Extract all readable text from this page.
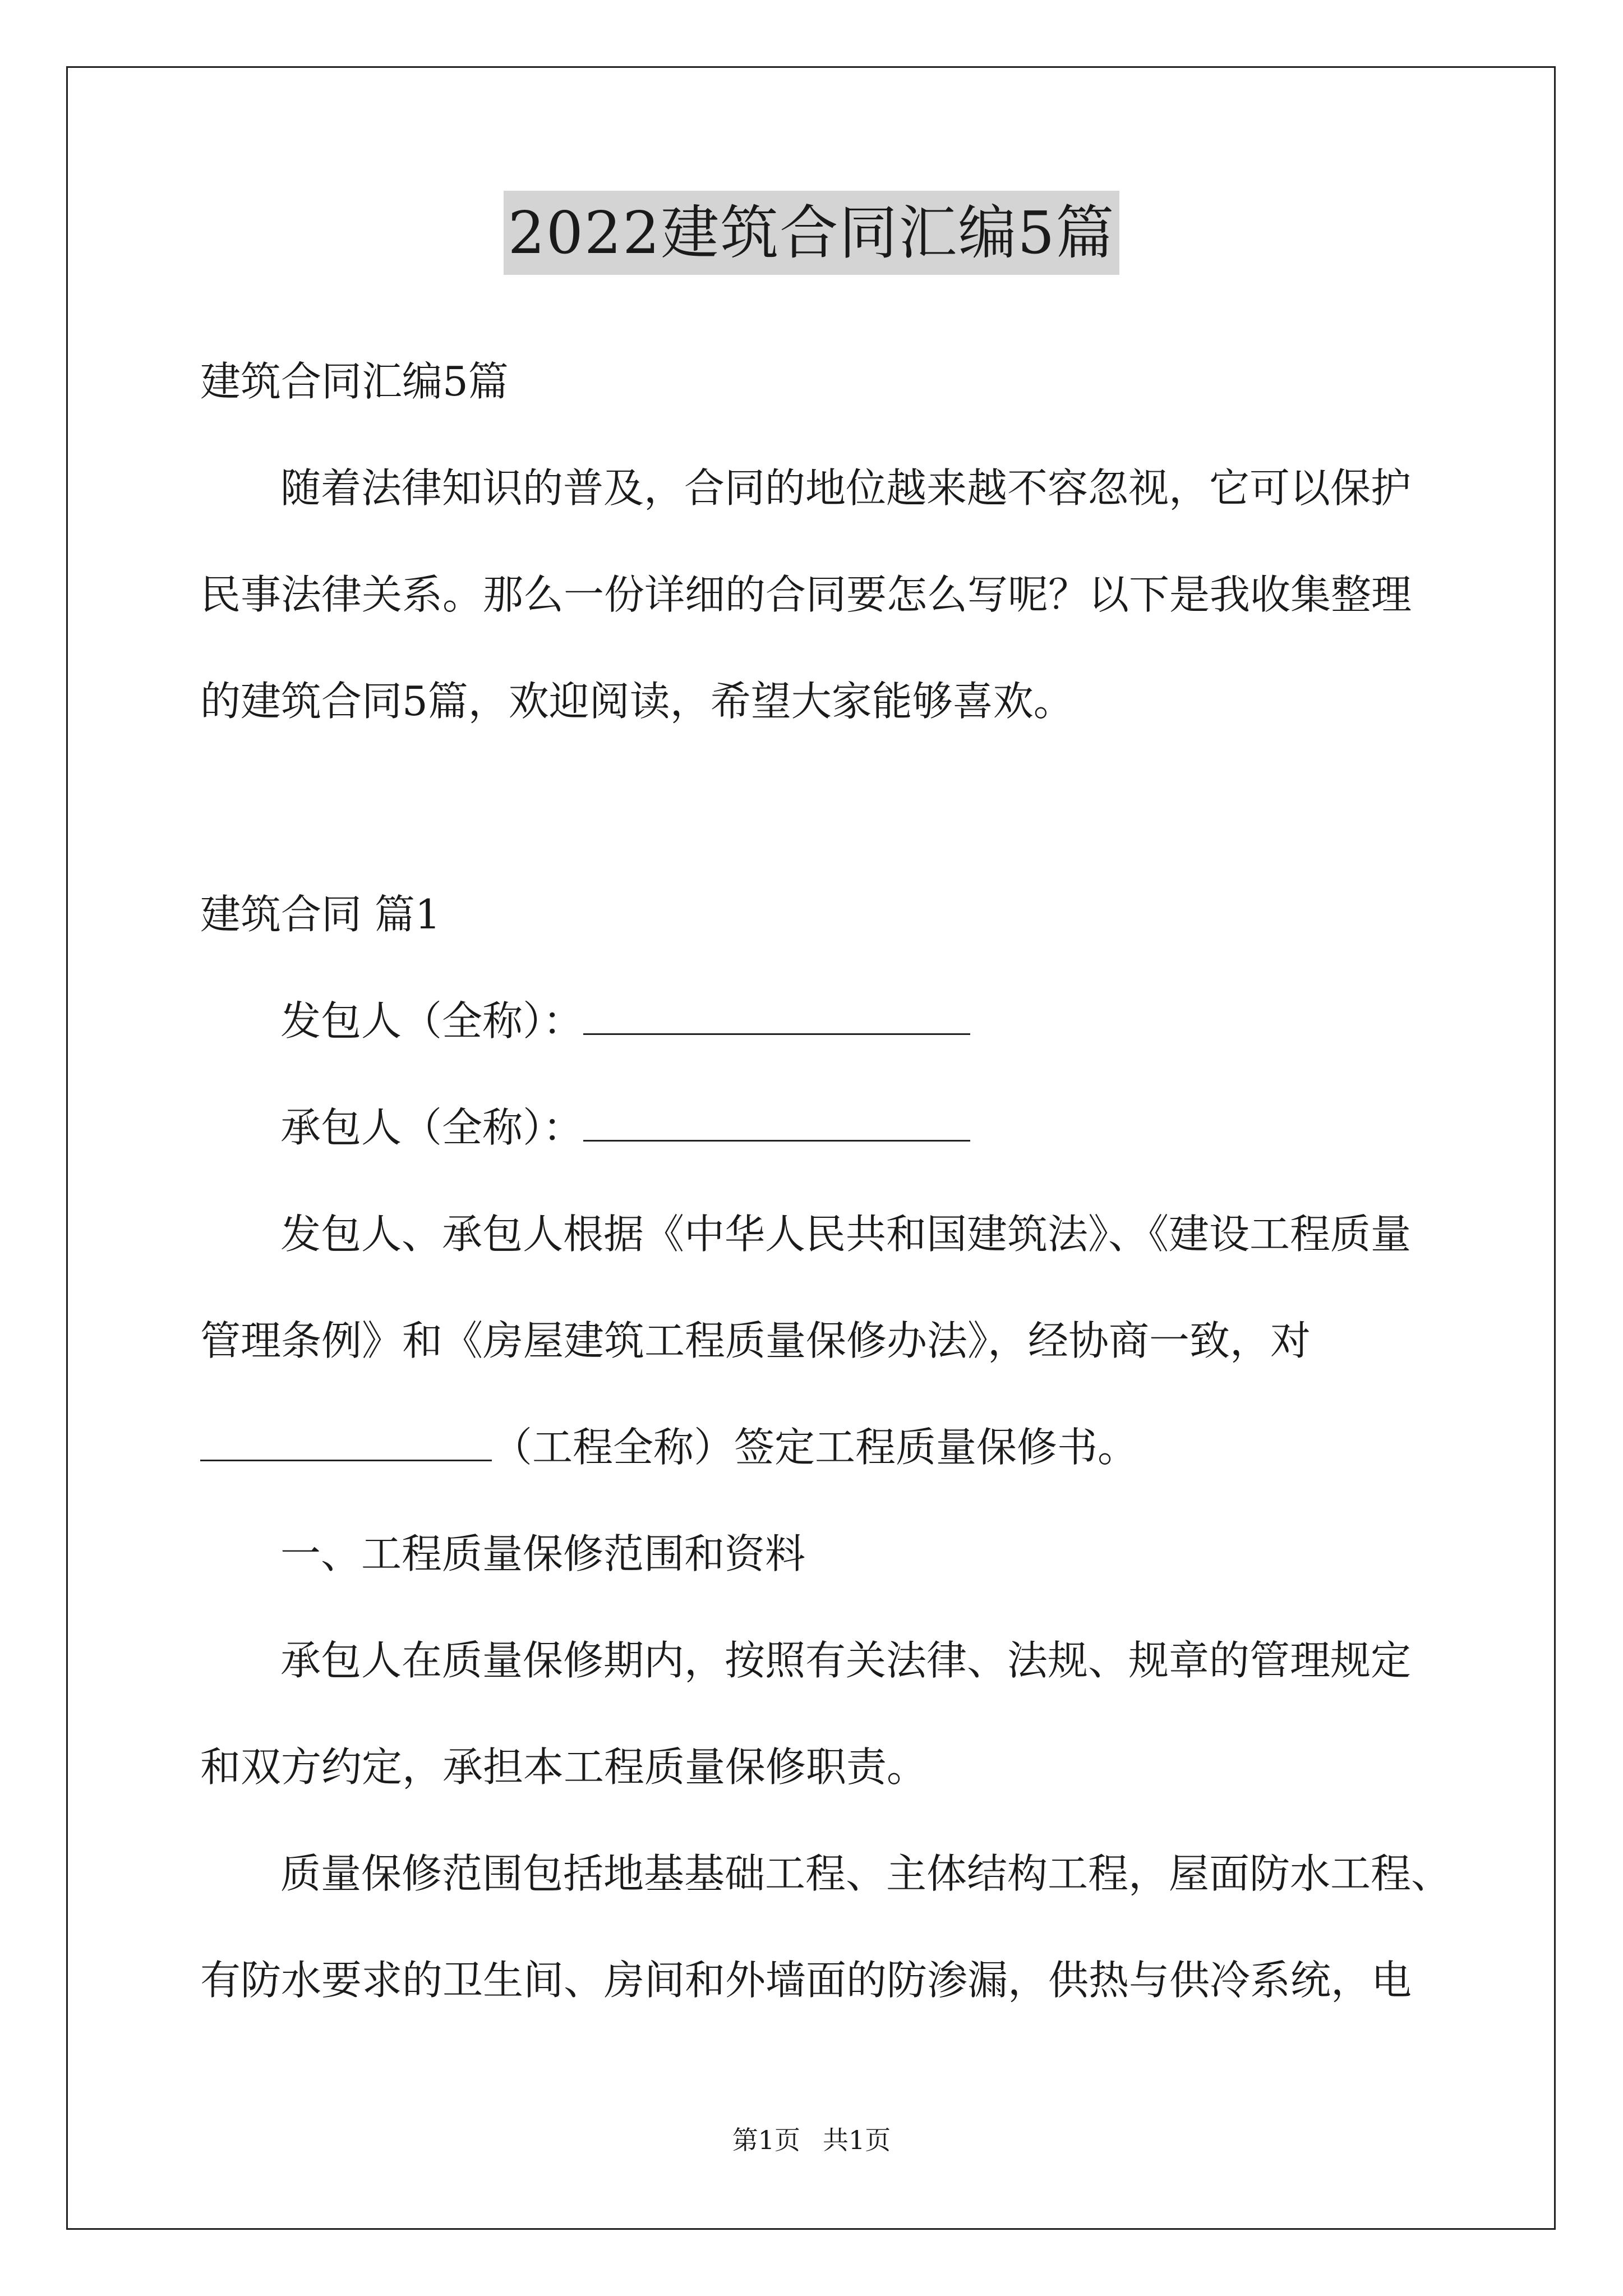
2022建筑合同汇编5篇
建筑合同汇编5篇
随着法律知识的普及，合同的地位越来越不容忽视，它可以保护
民事法律关系。那么一份详细的合同要怎么写呢？以下是我收集整理
的建筑合同5篇，欢迎阅读，希望大家能够喜欢。
建筑合同 篇1
发包人（全称）：
承包人（全称）：
发包人、承包人根据《中华人民共和国建筑法》、《建设工程质量
管理条例》和《房屋建筑工程质量保修办法》，经协商一致，对
（工程全称）签定工程质量保修书。
一、工程质量保修范围和资料
承包人在质量保修期内，按照有关法律、法规、规章的管理规定
和双方约定，承担本工程质量保修职责。
质量保修范围包括地基基础工程、主体结构工程，屋面防水工程、
有防水要求的卫生间、房间和外墙面的防渗漏，供热与供冷系统，电
第1页 共1页
